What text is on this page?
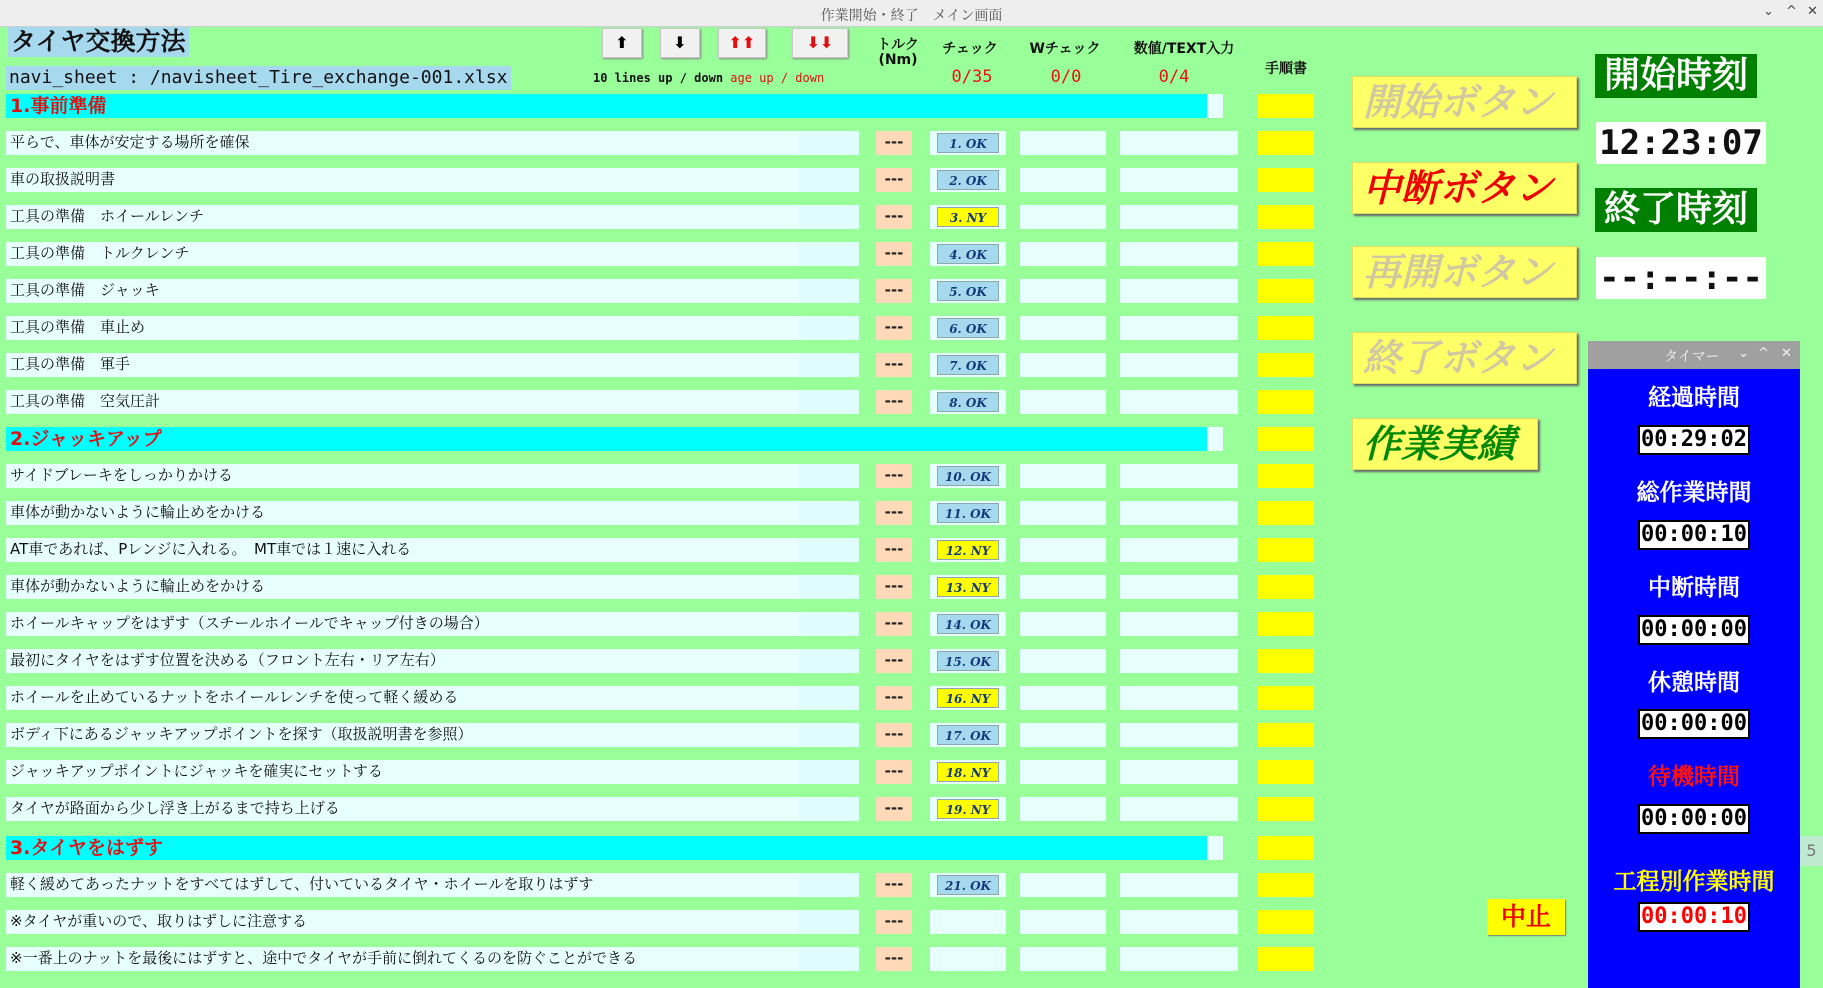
作業開始・終了　メイン画面	⌄ ^ ✕
タイヤ交換方法
navi_sheet : /navisheet_Tire_exchange-001.xlsx
⬆	⬇	⬆⬆	⬇⬇
10 lines up / down age up / down
トルク
(Nm)
チェック	Wチェック 数値/TEXT入力
手順書
0/35	0/0	0/4
1.事前準備
平らで、車体が安定する場所を確保	---	1. OK
車の取扱説明書	---	2. OK
工具の準備　ホイールレンチ	---	3. NY
工具の準備　トルクレンチ	---	4. OK
工具の準備　ジャッキ	---	5. OK
工具の準備　車止め	---	6. OK
工具の準備　軍手	---	7. OK
工具の準備　空気圧計	---	8. OK
サイドブレーキをしっかりかける	---	10. OK
車体が動かないように輪止めをかける	---	11. OK
AT車であれば、Pレンジに入れる。　MT車では１速に入れる	---	12. NY
車体が動かないように輪止めをかける	---	13. NY
ホイールキャップをはずす（スチールホイールでキャップ付きの場合）	---	14. OK
最初にタイヤをはずす位置を決める（フロント左右・リア左右）	---	15. OK
ホイールを止めているナットをホイールレンチを使って軽く緩める	---	16. NY
ボディ下にあるジャッキアップポイントを探す（取扱説明書を参照）	---	17. OK
ジャッキアップポイントにジャッキを確実にセットする	---	18. NY
タイヤが路面から少し浮き上がるまで持ち上げる	---	19. NY
軽く緩めてあったナットをすべてはずして、付いているタイヤ・ホイールを取りはずす	---	21. OK
※タイヤが重いので、取りはずしに注意する	---
※一番上のナットを最後にはずすと、途中でタイヤが手前に倒れてくるのを防ぐことができる	---
2.ジャッキアップ
3.タイヤをはずす
開始ボタン
中断ボタン
再開ボタン
終了ボタン
作業実績
開始時刻
12:23:07
終了時刻
--:--:--
タイマー ⌄ ^ ✕
経過時間
00:29:02
総作業時間
00:00:10
中断時間
00:00:00
休憩時間
00:00:00
待機時間
00:00:00
工程別作業時間
00:00:10
中止
5
